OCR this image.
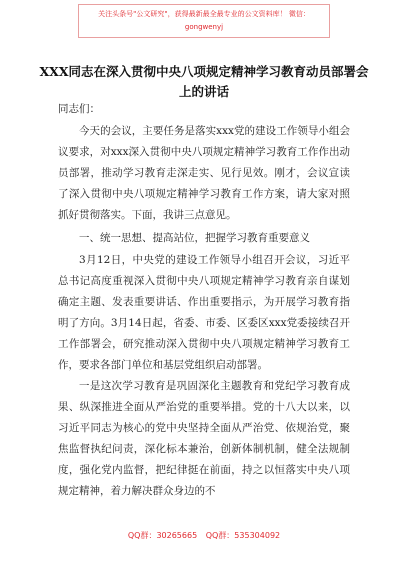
关注头条号"公文研究"，获得最新最全最专业的公文资料库！ 微信：gongwenyj
XXX同志在深入贯彻中央八项规定精神学习教育动员部署会
上的讲话
同志们：
今天的会议，主要任务是落实xxx党的建设工作领导小组会议要求，对xxx深入贯彻中央八项规定精神学习教育工作作出动员部署，推动学习教育走深走实、见行见效。刚才，会议宣读了深入贯彻中央八项规定精神学习教育工作方案，请大家对照抓好贯彻落实。下面，我讲三点意见。
一、统一思想、提高站位，把握学习教育重要意义
3月12日，中央党的建设工作领导小组召开会议，习近平总书记高度重视深入贯彻中央八项规定精神学习教育亲自谋划确定主题、发表重要讲话、作出重要指示，为开展学习教育指明了方向。3月14日起，省委、市委、区委区xxx党委接续召开工作部署会，研究推动深入贯彻中央八项规定精神学习教育工作，要求各部门单位和基层党组织启动部署。
一是这次学习教育是巩固深化主题教育和党纪学习教育成果、纵深推进全面从严治党的重要举措。党的十八大以来，以习近平同志为核心的党中央坚持全面从严治党、依规治党，聚焦监督执纪问责，深化标本兼治，创新体制机制，健全法规制度，强化党内监督，把纪律挺在前面，持之以恒落实中央八项规定精神，着力解决群众身边的不
QQ群：30265665 QQ群：535304092
